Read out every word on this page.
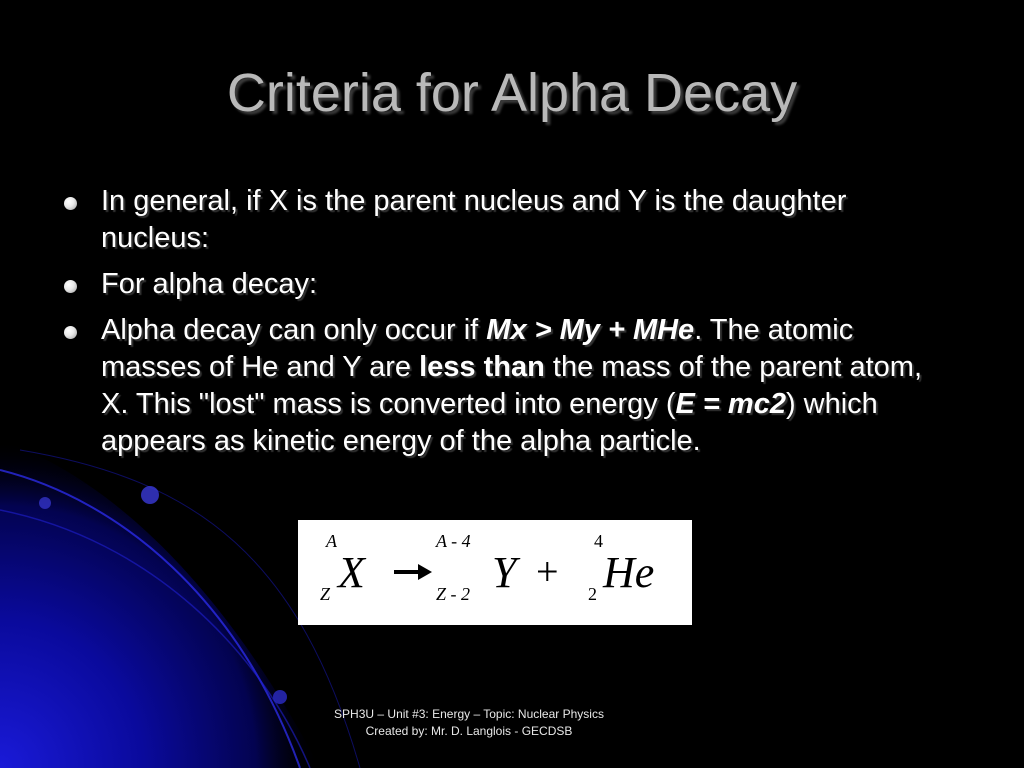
Criteria for Alpha Decay
In general, if X is the parent nucleus and Y is the daughter nucleus:
For alpha decay:
Alpha decay can only occur if Mx > My + MHe. The atomic masses of He and Y are less than the mass of the parent atom, X. This "lost" mass is converted into energy (E = mc2) which appears as kinetic energy of the alpha particle.
A
Z X
A - 4
Z - 2 Y +
4
2 He
SPH3U – Unit #3: Energy – Topic: Nuclear Physics
Created by: Mr. D. Langlois - GECDSB
